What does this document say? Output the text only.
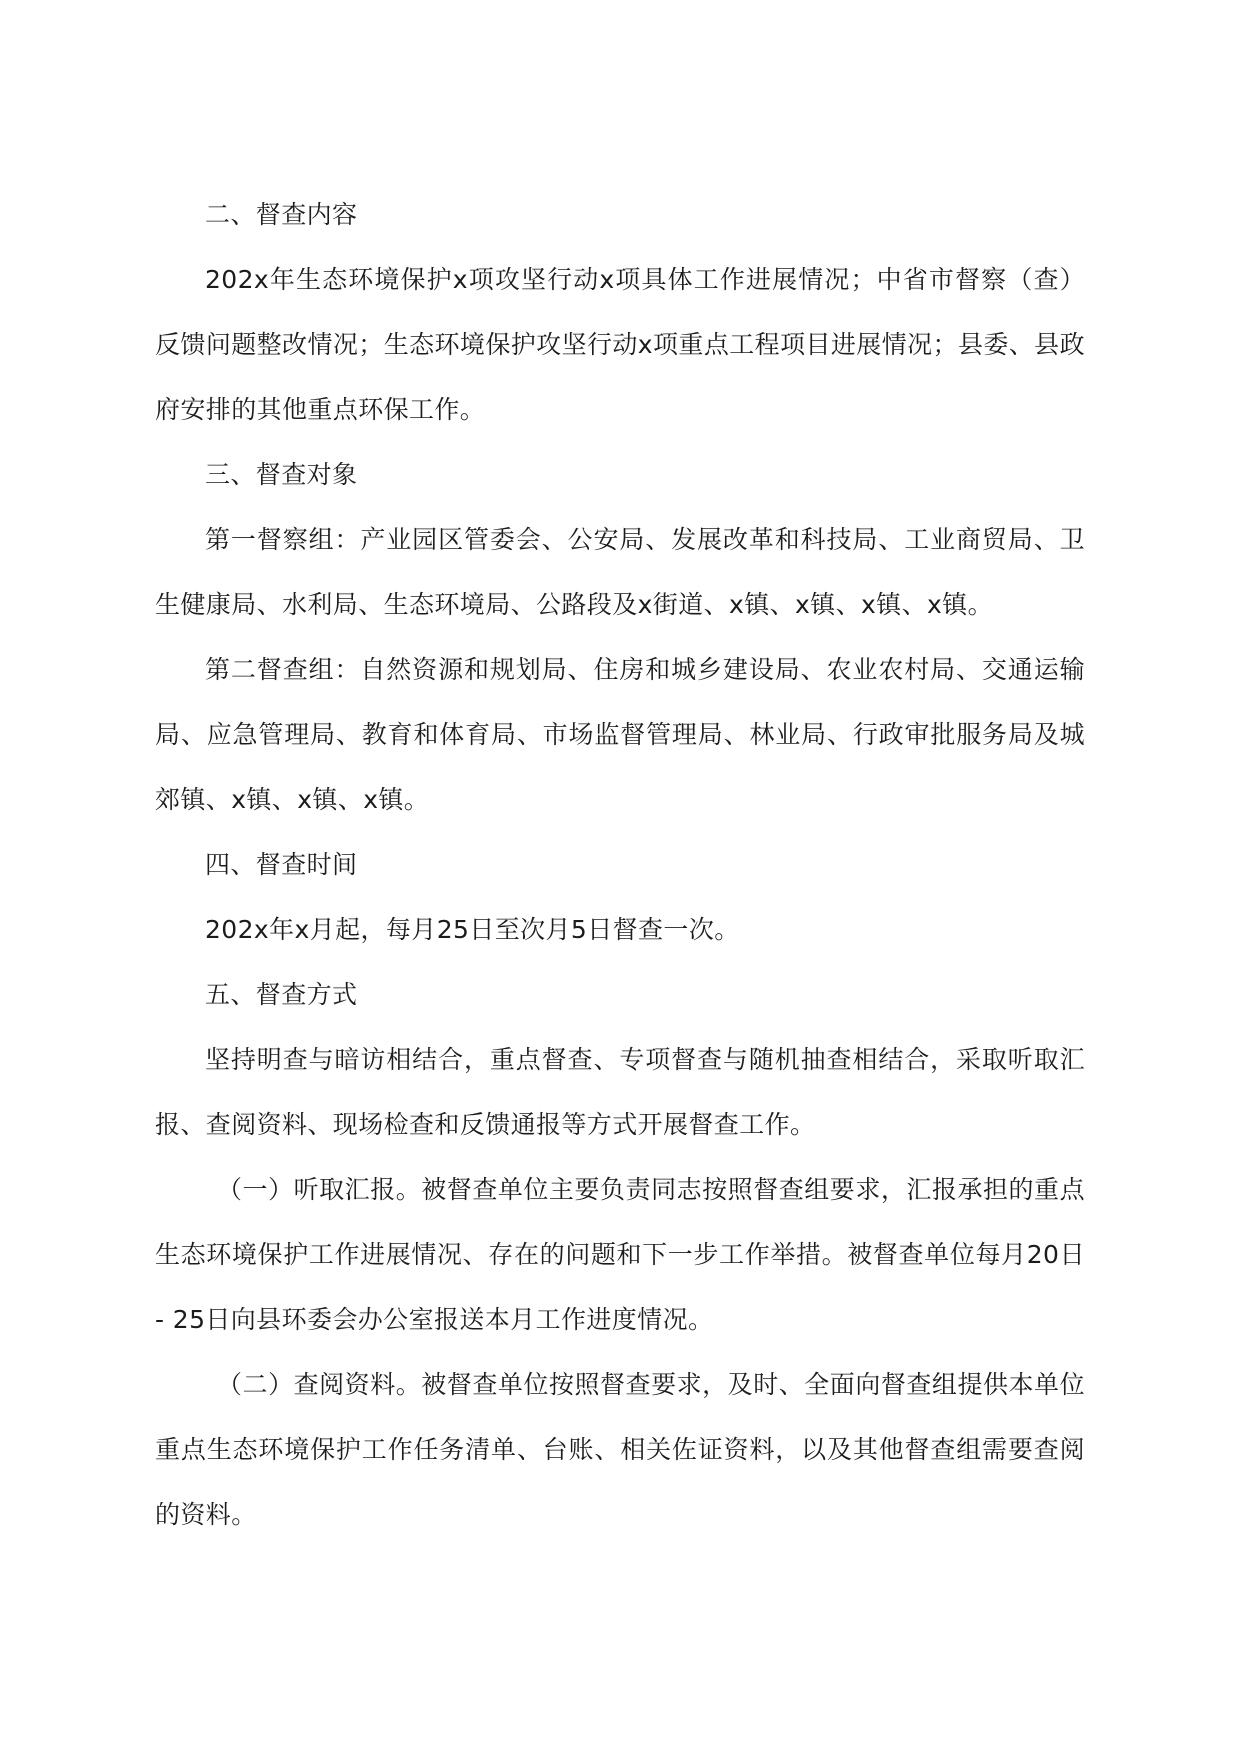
二、督查内容

202x年生态环境保护x项攻坚行动x项具体工作进展情况；中省市督察（查）反馈问题整改情况；生态环境保护攻坚行动x项重点工程项目进展情况；县委、县政府安排的其他重点环保工作。

三、督查对象

第一督察组：产业园区管委会、公安局、发展改革和科技局、工业商贸局、卫生健康局、水利局、生态环境局、公路段及x街道、x镇、x镇、x镇、x镇。

第二督查组：自然资源和规划局、住房和城乡建设局、农业农村局、交通运输局、应急管理局、教育和体育局、市场监督管理局、林业局、行政审批服务局及城郊镇、x镇、x镇、x镇。

四、督查时间

202x年x月起，每月25日至次月5日督查一次。

五、督查方式

坚持明查与暗访相结合，重点督查、专项督查与随机抽查相结合，采取听取汇报、查阅资料、现场检查和反馈通报等方式开展督查工作。

（一）听取汇报。被督查单位主要负责同志按照督查组要求，汇报承担的重点生态环境保护工作进展情况、存在的问题和下一步工作举措。被督查单位每月20日 - 25日向县环委会办公室报送本月工作进度情况。

（二）查阅资料。被督查单位按照督查要求，及时、全面向督查组提供本单位重点生态环境保护工作任务清单、台账、相关佐证资料，以及其他督查组需要查阅的资料。
